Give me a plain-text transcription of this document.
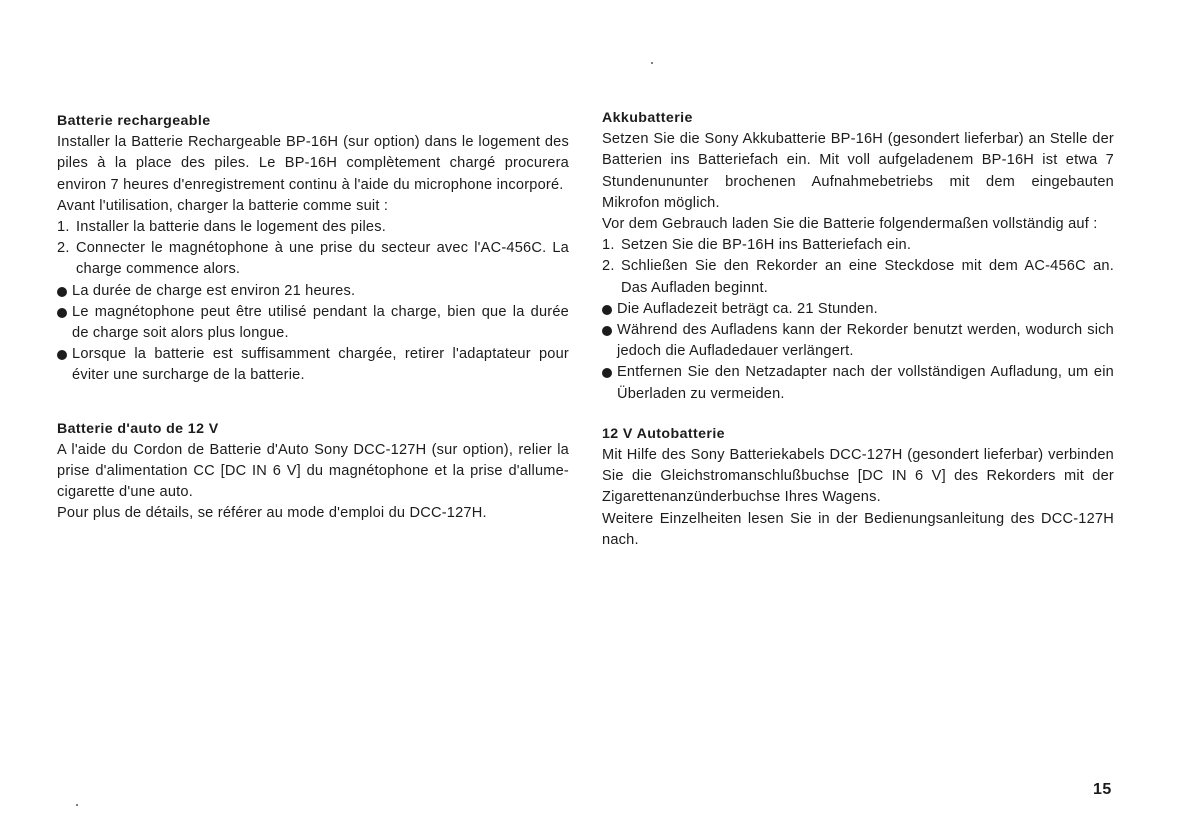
Batterie rechargeable

Installer la Batterie Rechargeable BP-16H (sur option) dans le logement des piles à la place des piles. Le BP-16H complètement chargé procurera environ 7 heures d'enregistrement continu à l'aide du microphone incorporé.

Avant l'utilisation, charger la batterie comme suit :

1. Installer la batterie dans le logement des piles.
2. Connecter le magnétophone à une prise du secteur avec l'AC-456C. La charge commence alors.
La durée de charge est environ 21 heures.
Le magnétophone peut être utilisé pendant la charge, bien que la durée de charge soit alors plus longue.
Lorsque la batterie est suffisamment chargée, retirer l'adaptateur pour éviter une surcharge de la batterie.

Batterie d'auto de 12 V

A l'aide du Cordon de Batterie d'Auto Sony DCC-127H (sur option), relier la prise d'alimentation CC [DC IN 6 V] du magnétophone et la prise d'allume-cigarette d'une auto.

Pour plus de détails, se référer au mode d'emploi du DCC-127H.

Akkubatterie

Setzen Sie die Sony Akkubatterie BP-16H (gesondert lieferbar) an Stelle der Batterien ins Batteriefach ein. Mit voll aufgeladenem BP-16H ist etwa 7 Stundenununter brochenen Aufnahmebetriebs mit dem eingebauten Mikrofon möglich.

Vor dem Gebrauch laden Sie die Batterie folgendermaßen vollständig auf :

1. Setzen Sie die BP-16H ins Batteriefach ein.
2. Schließen Sie den Rekorder an eine Steckdose mit dem AC-456C an. Das Aufladen beginnt.
Die Aufladezeit beträgt ca. 21 Stunden.
Während des Aufladens kann der Rekorder benutzt werden, wodurch sich jedoch die Aufladedauer verlängert.
Entfernen Sie den Netzadapter nach der vollständigen Aufladung, um ein Überladen zu vermeiden.

12 V Autobatterie

Mit Hilfe des Sony Batteriekabels DCC-127H (gesondert lieferbar) verbinden Sie die Gleichstromanschlußbuchse [DC IN 6 V] des Rekorders mit der Zigarettenanzünderbuchse Ihres Wagens.

Weitere Einzelheiten lesen Sie in der Bedienungsanleitung des DCC-127H nach.

15
